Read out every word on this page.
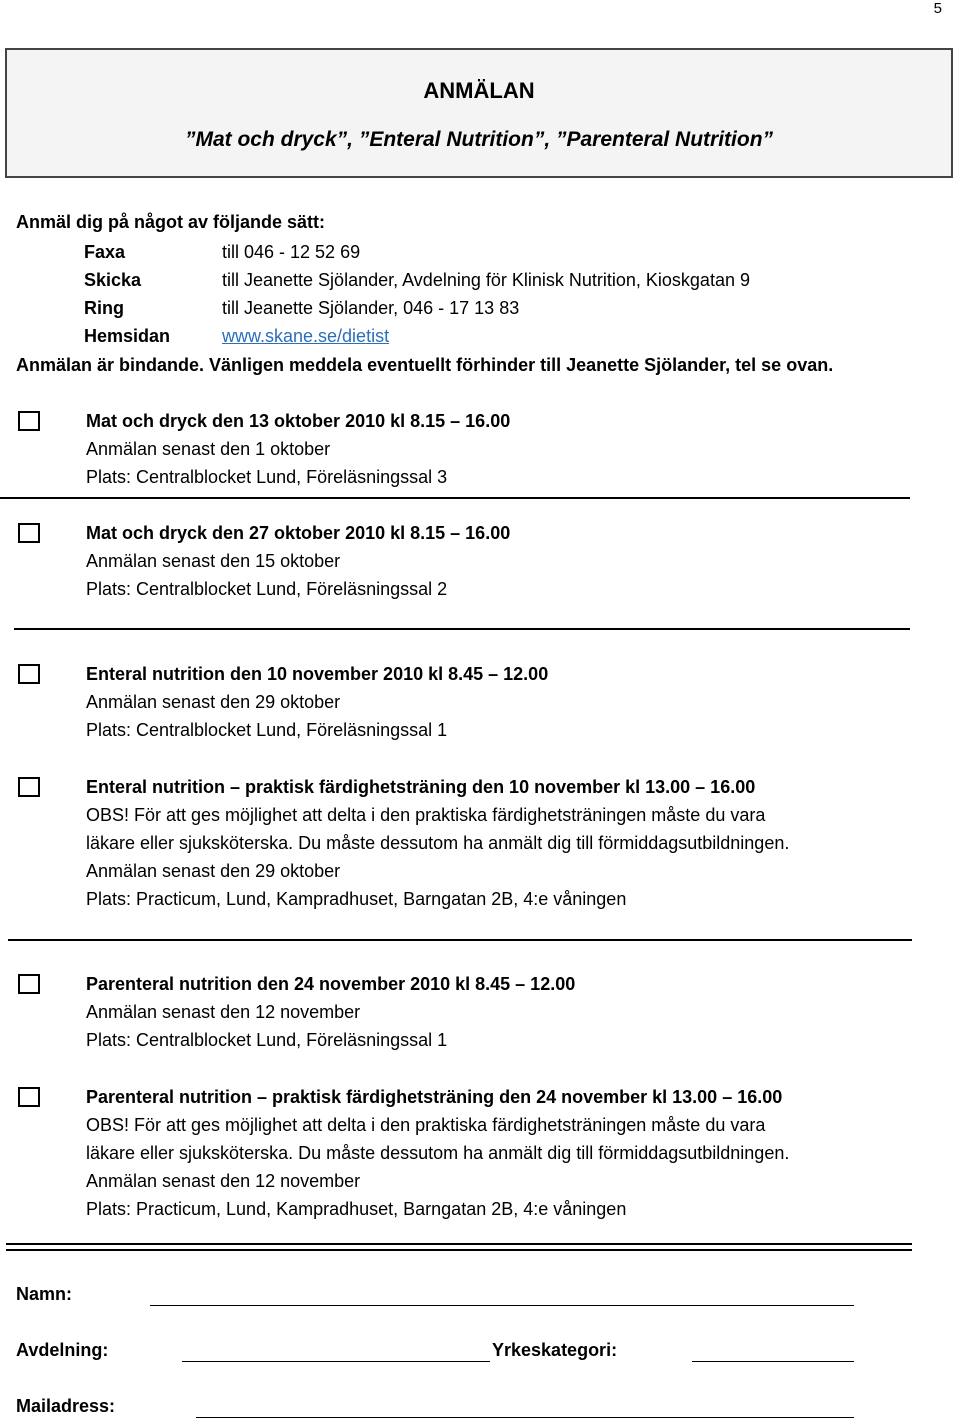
5
ANMÄLAN
”Mat och dryck”, ”Enteral Nutrition”, ”Parenteral Nutrition”
Anmäl dig på något av följande sätt:
Faxa	till 046 - 12 52 69
Skicka	till Jeanette Sjölander, Avdelning för Klinisk Nutrition, Kioskgatan 9
Ring	till Jeanette Sjölander, 046 - 17 13 83
Hemsidan	www.skane.se/dietist
Anmälan är bindande. Vänligen meddela eventuellt förhinder till Jeanette Sjölander, tel se ovan.
Mat och dryck den 13 oktober 2010 kl 8.15 – 16.00
Anmälan senast den 1 oktober
Plats: Centralblocket Lund, Föreläsningssal 3
Mat och dryck den 27 oktober 2010 kl 8.15 – 16.00
Anmälan senast den 15 oktober
Plats: Centralblocket Lund, Föreläsningssal 2
Enteral nutrition den 10 november 2010 kl 8.45 – 12.00
Anmälan senast den 29 oktober
Plats: Centralblocket Lund, Föreläsningssal 1
Enteral nutrition – praktisk färdighetsträning den 10 november kl 13.00 – 16.00
OBS! För att ges möjlighet att delta i den praktiska färdighetsträningen måste du vara
läkare eller sjuksköterska. Du måste dessutom ha anmält dig till förmiddagsutbildningen.
Anmälan senast den 29 oktober
Plats: Practicum, Lund, Kampradhuset, Barngatan 2B, 4:e våningen
Parenteral nutrition den 24 november 2010 kl 8.45 – 12.00
Anmälan senast den 12 november
Plats: Centralblocket Lund, Föreläsningssal 1
Parenteral nutrition – praktisk färdighetsträning den 24 november kl 13.00 – 16.00
OBS! För att ges möjlighet att delta i den praktiska färdighetsträningen måste du vara
läkare eller sjuksköterska. Du måste dessutom ha anmält dig till förmiddagsutbildningen.
Anmälan senast den 12 november
Plats: Practicum, Lund, Kampradhuset, Barngatan 2B, 4:e våningen
Namn:
Avdelning:	Yrkeskategori:
Mailadress:
